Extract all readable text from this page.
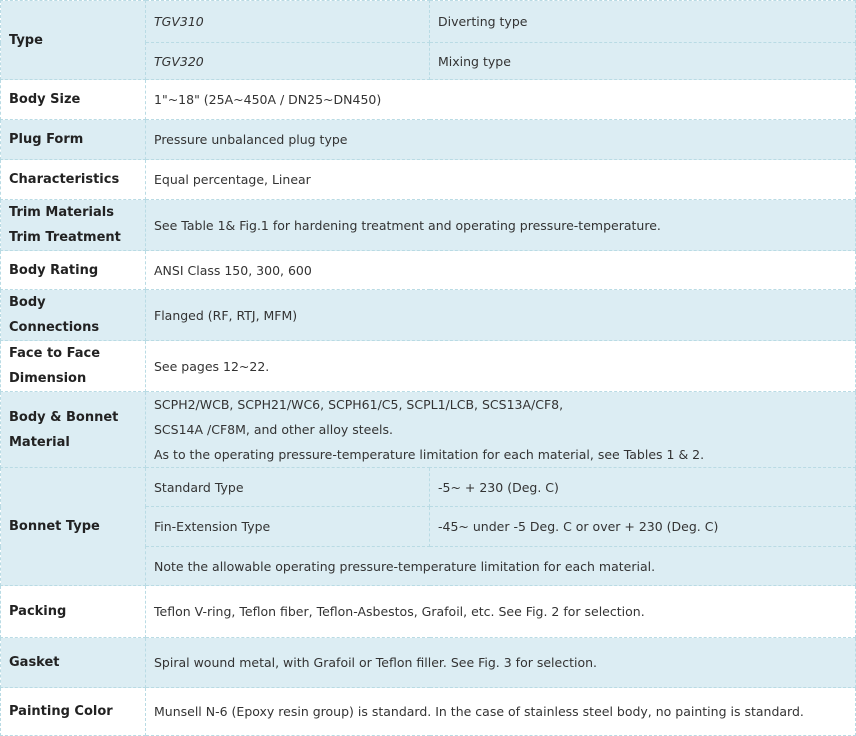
Type	TGV310	Diverting type
	TGV320	Mixing type
Body Size	1"~18" (25A~450A / DN25~DN450)	
Plug Form	Pressure unbalanced plug type	
Characteristics	Equal percentage, Linear	

Trim Materials
Trim Treatment	See Table 1& Fig.1 for hardening treatment and operating pressure-temperature.	
Body Rating	ANSI Class 150, 300, 600	
Body Connections	Flanged (RF, RTJ, MFM)	

Face to Face
Dimension	See pages 12~22.	

Body & Bonnet
Material	SCPH2/WCB, SCPH21/WC6, SCPH61/C5, SCPL1/LCB, SCS13A/CF8,
SCS14A /CF8M, and other alloy steels.
As to the operating pressure-temperature limitation for each material, see Tables 1 & 2.	

Bonnet Type	Standard Type	-5~ + 230 (Deg. C)
	Fin-Extension Type	-45~ under -5 Deg. C or over + 230 (Deg. C)
	Note the allowable operating pressure-temperature limitation for each material.	
Packing	Teflon V-ring, Teflon fiber, Teflon-Asbestos, Grafoil, etc. See Fig. 2 for selection.	
Gasket	Spiral wound metal, with Grafoil or Teflon filler. See Fig. 3 for selection.	
Painting Color	Munsell N-6 (Epoxy resin group) is standard. In the case of stainless steel body, no painting is standard.	
